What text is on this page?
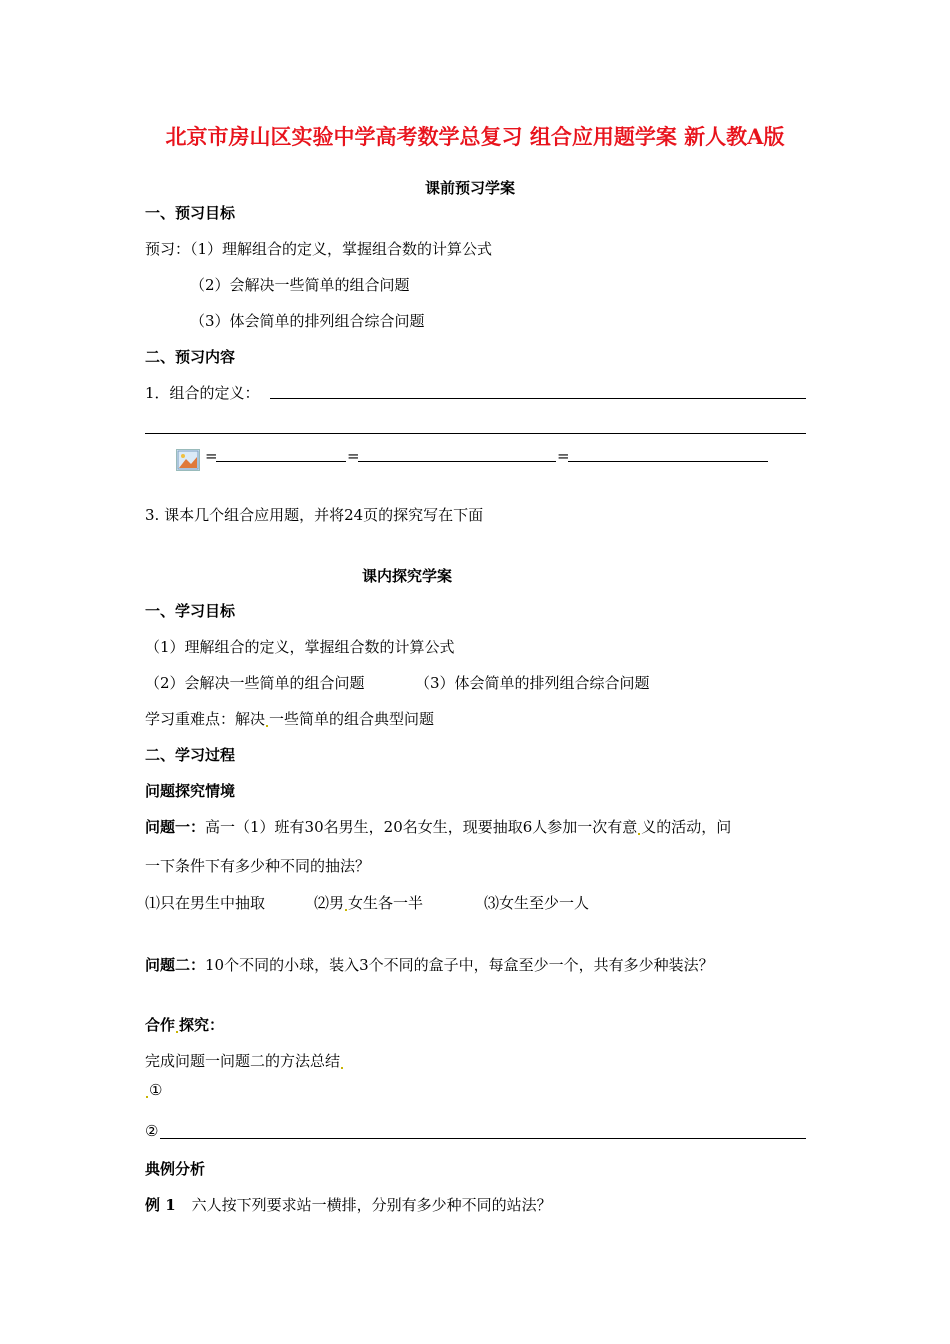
北京市房山区实验中学高考数学总复习 组合应用题学案 新人教A版
课前预习学案
一、预习目标
预习：（1）理解组合的定义，掌握组合数的计算公式
（2）会解决一些简单的组合问题
（3）体会简单的排列组合综合问题
二、预习内容
1．组合的定义：
=	=	=
3. 课本几个组合应用题，并将24页的探究写在下面
课内探究学案
一、学习目标
（1）理解组合的定义，掌握组合数的计算公式
（2）会解决一些简单的组合问题	（3）体会简单的排列组合综合问题
学习重难点：解决 一些简单的组合典型问题
二、学习过程
问题探究情境
问题一：高一（1）班有30名男生，20名女生，现要抽取6人参加一次有意 义的活动，问
一下条件下有多少种不同的抽法？
⑴只在男生中抽取	⑵男 女生各一半	⑶女生至少一人
问题二：10个不同的小球，装入3个不同的盒子中，每盒至少一个，共有多少种装法？
合作 探究：
完成问题一问题二的方法总结
①
②
典例分析
例 1 六人按下列要求站一横排，分别有多少种不同的站法？
